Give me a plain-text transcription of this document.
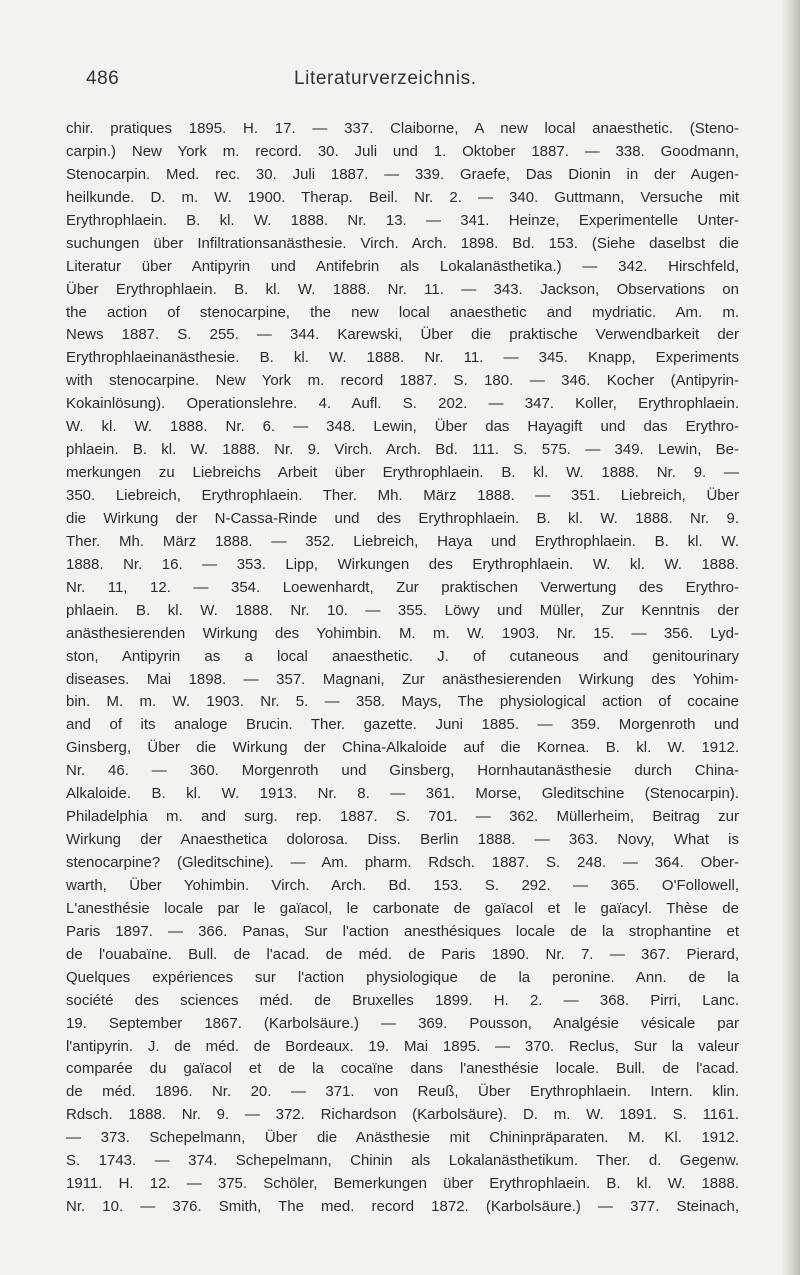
486	Literaturverzeichnis.
chir. pratiques 1895. H. 17. — 337. Claiborne, A new local anaesthetic. (Steno-
carpin.) New York m. record. 30. Juli und 1. Oktober 1887. — 338. Goodmann,
Stenocarpin. Med. rec. 30. Juli 1887. — 339. Graefe, Das Dionin in der Augen-
heilkunde. D. m. W. 1900. Therap. Beil. Nr. 2. — 340. Guttmann, Versuche mit
Erythrophlaein. B. kl. W. 1888. Nr. 13. — 341. Heinze, Experimentelle Unter-
suchungen über Infiltrationsanästhesie. Virch. Arch. 1898. Bd. 153. (Siehe daselbst die
Literatur über Antipyrin und Antifebrin als Lokalanästhetika.) — 342. Hirschfeld,
Über Erythrophlaein. B. kl. W. 1888. Nr. 11. — 343. Jackson, Observations on
the action of stenocarpine, the new local anaesthetic and mydriatic. Am. m.
News 1887. S. 255. — 344. Karewski, Über die praktische Verwendbarkeit der
Erythrophlaeinanästhesie. B. kl. W. 1888. Nr. 11. — 345. Knapp, Experiments
with stenocarpine. New York m. record 1887. S. 180. — 346. Kocher (Antipyrin-
Kokainlösung). Operationslehre. 4. Aufl. S. 202. — 347. Koller, Erythrophlaein.
W. kl. W. 1888. Nr. 6. — 348. Lewin, Über das Hayagift und das Erythro-
phlaein. B. kl. W. 1888. Nr. 9. Virch. Arch. Bd. 111. S. 575. — 349. Lewin, Be-
merkungen zu Liebreichs Arbeit über Erythrophlaein. B. kl. W. 1888. Nr. 9. —
350. Liebreich, Erythrophlaein. Ther. Mh. März 1888. — 351. Liebreich, Über
die Wirkung der N-Cassa-Rinde und des Erythrophlaein. B. kl. W. 1888. Nr. 9.
Ther. Mh. März 1888. — 352. Liebreich, Haya und Erythrophlaein. B. kl. W.
1888. Nr. 16. — 353. Lipp, Wirkungen des Erythrophlaein. W. kl. W. 1888.
Nr. 11, 12. — 354. Loewenhardt, Zur praktischen Verwertung des Erythro-
phlaein. B. kl. W. 1888. Nr. 10. — 355. Löwy und Müller, Zur Kenntnis der
anästhesierenden Wirkung des Yohimbin. M. m. W. 1903. Nr. 15. — 356. Lyd-
ston, Antipyrin as a local anaesthetic. J. of cutaneous and genitourinary
diseases. Mai 1898. — 357. Magnani, Zur anästhesierenden Wirkung des Yohim-
bin. M. m. W. 1903. Nr. 5. — 358. Mays, The physiological action of cocaine
and of its analoge Brucin. Ther. gazette. Juni 1885. — 359. Morgenroth und
Ginsberg, Über die Wirkung der China-Alkaloide auf die Kornea. B. kl. W. 1912.
Nr. 46. — 360. Morgenroth und Ginsberg, Hornhautanästhesie durch China-
Alkaloide. B. kl. W. 1913. Nr. 8. — 361. Morse, Gleditschine (Stenocarpin).
Philadelphia m. and surg. rep. 1887. S. 701. — 362. Müllerheim, Beitrag zur
Wirkung der Anaesthetica dolorosa. Diss. Berlin 1888. — 363. Novy, What is
stenocarpine? (Gleditschine). — Am. pharm. Rdsch. 1887. S. 248. — 364. Ober-
warth, Über Yohimbin. Virch. Arch. Bd. 153. S. 292. — 365. O'Followell,
L'anesthésie locale par le gaïacol, le carbonate de gaïacol et le gaïacyl. Thèse de
Paris 1897. — 366. Panas, Sur l'action anesthésiques locale de la strophantine et
de l'ouabaïne. Bull. de l'acad. de méd. de Paris 1890. Nr. 7. — 367. Pierard,
Quelques expériences sur l'action physiologique de la peronine. Ann. de la
société des sciences méd. de Bruxelles 1899. H. 2. — 368. Pirri, Lanc.
19. September 1867. (Karbolsäure.) — 369. Pousson, Analgésie vésicale par
l'antipyrin. J. de méd. de Bordeaux. 19. Mai 1895. — 370. Reclus, Sur la valeur
comparée du gaïacol et de la cocaïne dans l'anesthésie locale. Bull. de l'acad.
de méd. 1896. Nr. 20. — 371. von Reuß, Über Erythrophlaein. Intern. klin.
Rdsch. 1888. Nr. 9. — 372. Richardson (Karbolsäure). D. m. W. 1891. S. 1161.
— 373. Schepelmann, Über die Anästhesie mit Chininpräparaten. M. Kl. 1912.
S. 1743. — 374. Schepelmann, Chinin als Lokalanästhetikum. Ther. d. Gegenw.
1911. H. 12. — 375. Schöler, Bemerkungen über Erythrophlaein. B. kl. W. 1888.
Nr. 10. — 376. Smith, The med. record 1872. (Karbolsäure.) — 377. Steinach,
